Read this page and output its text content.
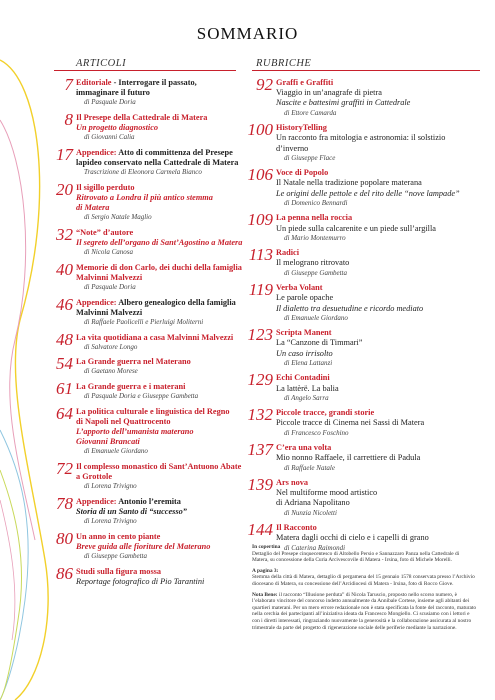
SOMMARIO
ARTICOLI	RUBRICHE
7 Editoriale - Interrogare il passato,
immaginare il futuro
di Pasquale Doria
8 Il Presepe della Cattedrale di Matera
Un progetto diagnostico
di Giovanni Calia
17 Appendice: Atto di committenza del Presepe
lapideo conservato nella Cattedrale di Matera
Trascrizione di Eleonora Carmela Bianco
20 Il sigillo perduto
Ritrovato a Londra il più antico stemma
di Matera
di Sergio Natale Maglio
32 “Note” d’autore
Il segreto dell’organo di Sant’Agostino a Matera
di Nicola Canosa
40 Memorie di don Carlo, dei duchi della famiglia
Malvinni Malvezzi
di Pasquale Doria
46 Appendice: Albero genealogico della famiglia
Malvinni Malvezzi
di Raffaele Paolicelli e Pierluigi Moliterni
48 La vita quotidiana a casa Malvinni Malvezzi
di Salvatore Longo
54 La Grande guerra nel Materano
di Gaetano Morese
61 La Grande guerra e i materani
di Pasquale Doria e Giuseppe Gambetta
64 La politica culturale e linguistica del Regno
di Napoli nel Quattrocento
L’apporto dell’umanista materano
Giovanni Brancati
di Emanuele Giordano
72 Il complesso monastico di Sant’Antuono Abate
a Grottole
di Lorena Trivigno
78 Appendice: Antonio l’eremita
Storia di un Santo di “successo”
di Lorena Trivigno
80 Un anno in cento piante
Breve guida alle fioriture del Materano
di Giuseppe Gambetta
86 Studi sulla figura mossa
Reportage fotografico di Pio Tarantini
92 Graffi e Graffiti
Viaggio in un’anagrafe di pietra
Nascite e battesimi graffiti in Cattedrale
di Ettore Camarda
100 HistoryTelling
Un racconto fra mitologia e astronomia: il solstizio
d’inverno
di Giuseppe Flace
106 Voce di Popolo
Il Natale nella tradizione popolare materana
Le origini delle pettole e del rito delle “nove lampade”
di Domenico Bennardi
109 La penna nella roccia
Un piede sulla calcarenite e un piede sull’argilla
di Mario Montemurro
113 Radici
Il melograno ritrovato
di Giuseppe Gambetta
119 Verba Volant
Le parole opache
Il dialetto tra desuetudine e ricordo mediato
di Emanuele Giordano
123 Scripta Manent
La “Canzone di Timmari”
Un caso irrisolto
di Elena Lattanzi
129 Echi Contadini
La lattèrë. La balia
di Angelo Sarra
132 Piccole tracce, grandi storie
Piccole tracce di Cinema nei Sassi di Matera
di Francesco Foschino
137 C’era una volta
Mio nonno Raffaele, il carrettiere di Padula
di Raffaele Natale
139 Ars nova
Nel multiforme mood artistico
di Adriana Napolitano
di Nunzia Nicoletti
144 Il Racconto
Matera dagli occhi di cielo e i capelli di grano
di Caterina Raimondi

In copertina
Dettaglio del Presepe cinquecentesco di Altobello Persio e Sannazzaro Panza nella Cattedrale di Matera, su concessione della Curia Arcivescovile di Matera - Irsina, foto di Michele Morelli.

A pagina 3:
Stemma della città di Matera, dettaglio di pergamena del 15 gennaio 1578 conservata presso l’Archivio diocesano di Matera, su concessione dell’Arcidiocesi di Matera - Irsina, foto di Rocco Giove.

Nota Bene: il racconto “Illusione perduta” di Nicola Taruscio, proposto nello scorso numero, è l’elaborato vincitore del concorso indetto annualmente da Annibale Cortese, insieme agli abitanti dei quartieri materani. Per un mero errore redazionale non è stata specificata la fonte del racconto, maturato nella cerchia dei partecipanti all’iniziativa ideata da Francesco Mongiello. Ci scusiamo con i lettori e con i diretti interessati, ringraziando nuovamente la generosità e la collaborazione assicurata al nostro trimestrale da parte del progetto di rigenerazione sociale delle periferie mediante la narrazione.
